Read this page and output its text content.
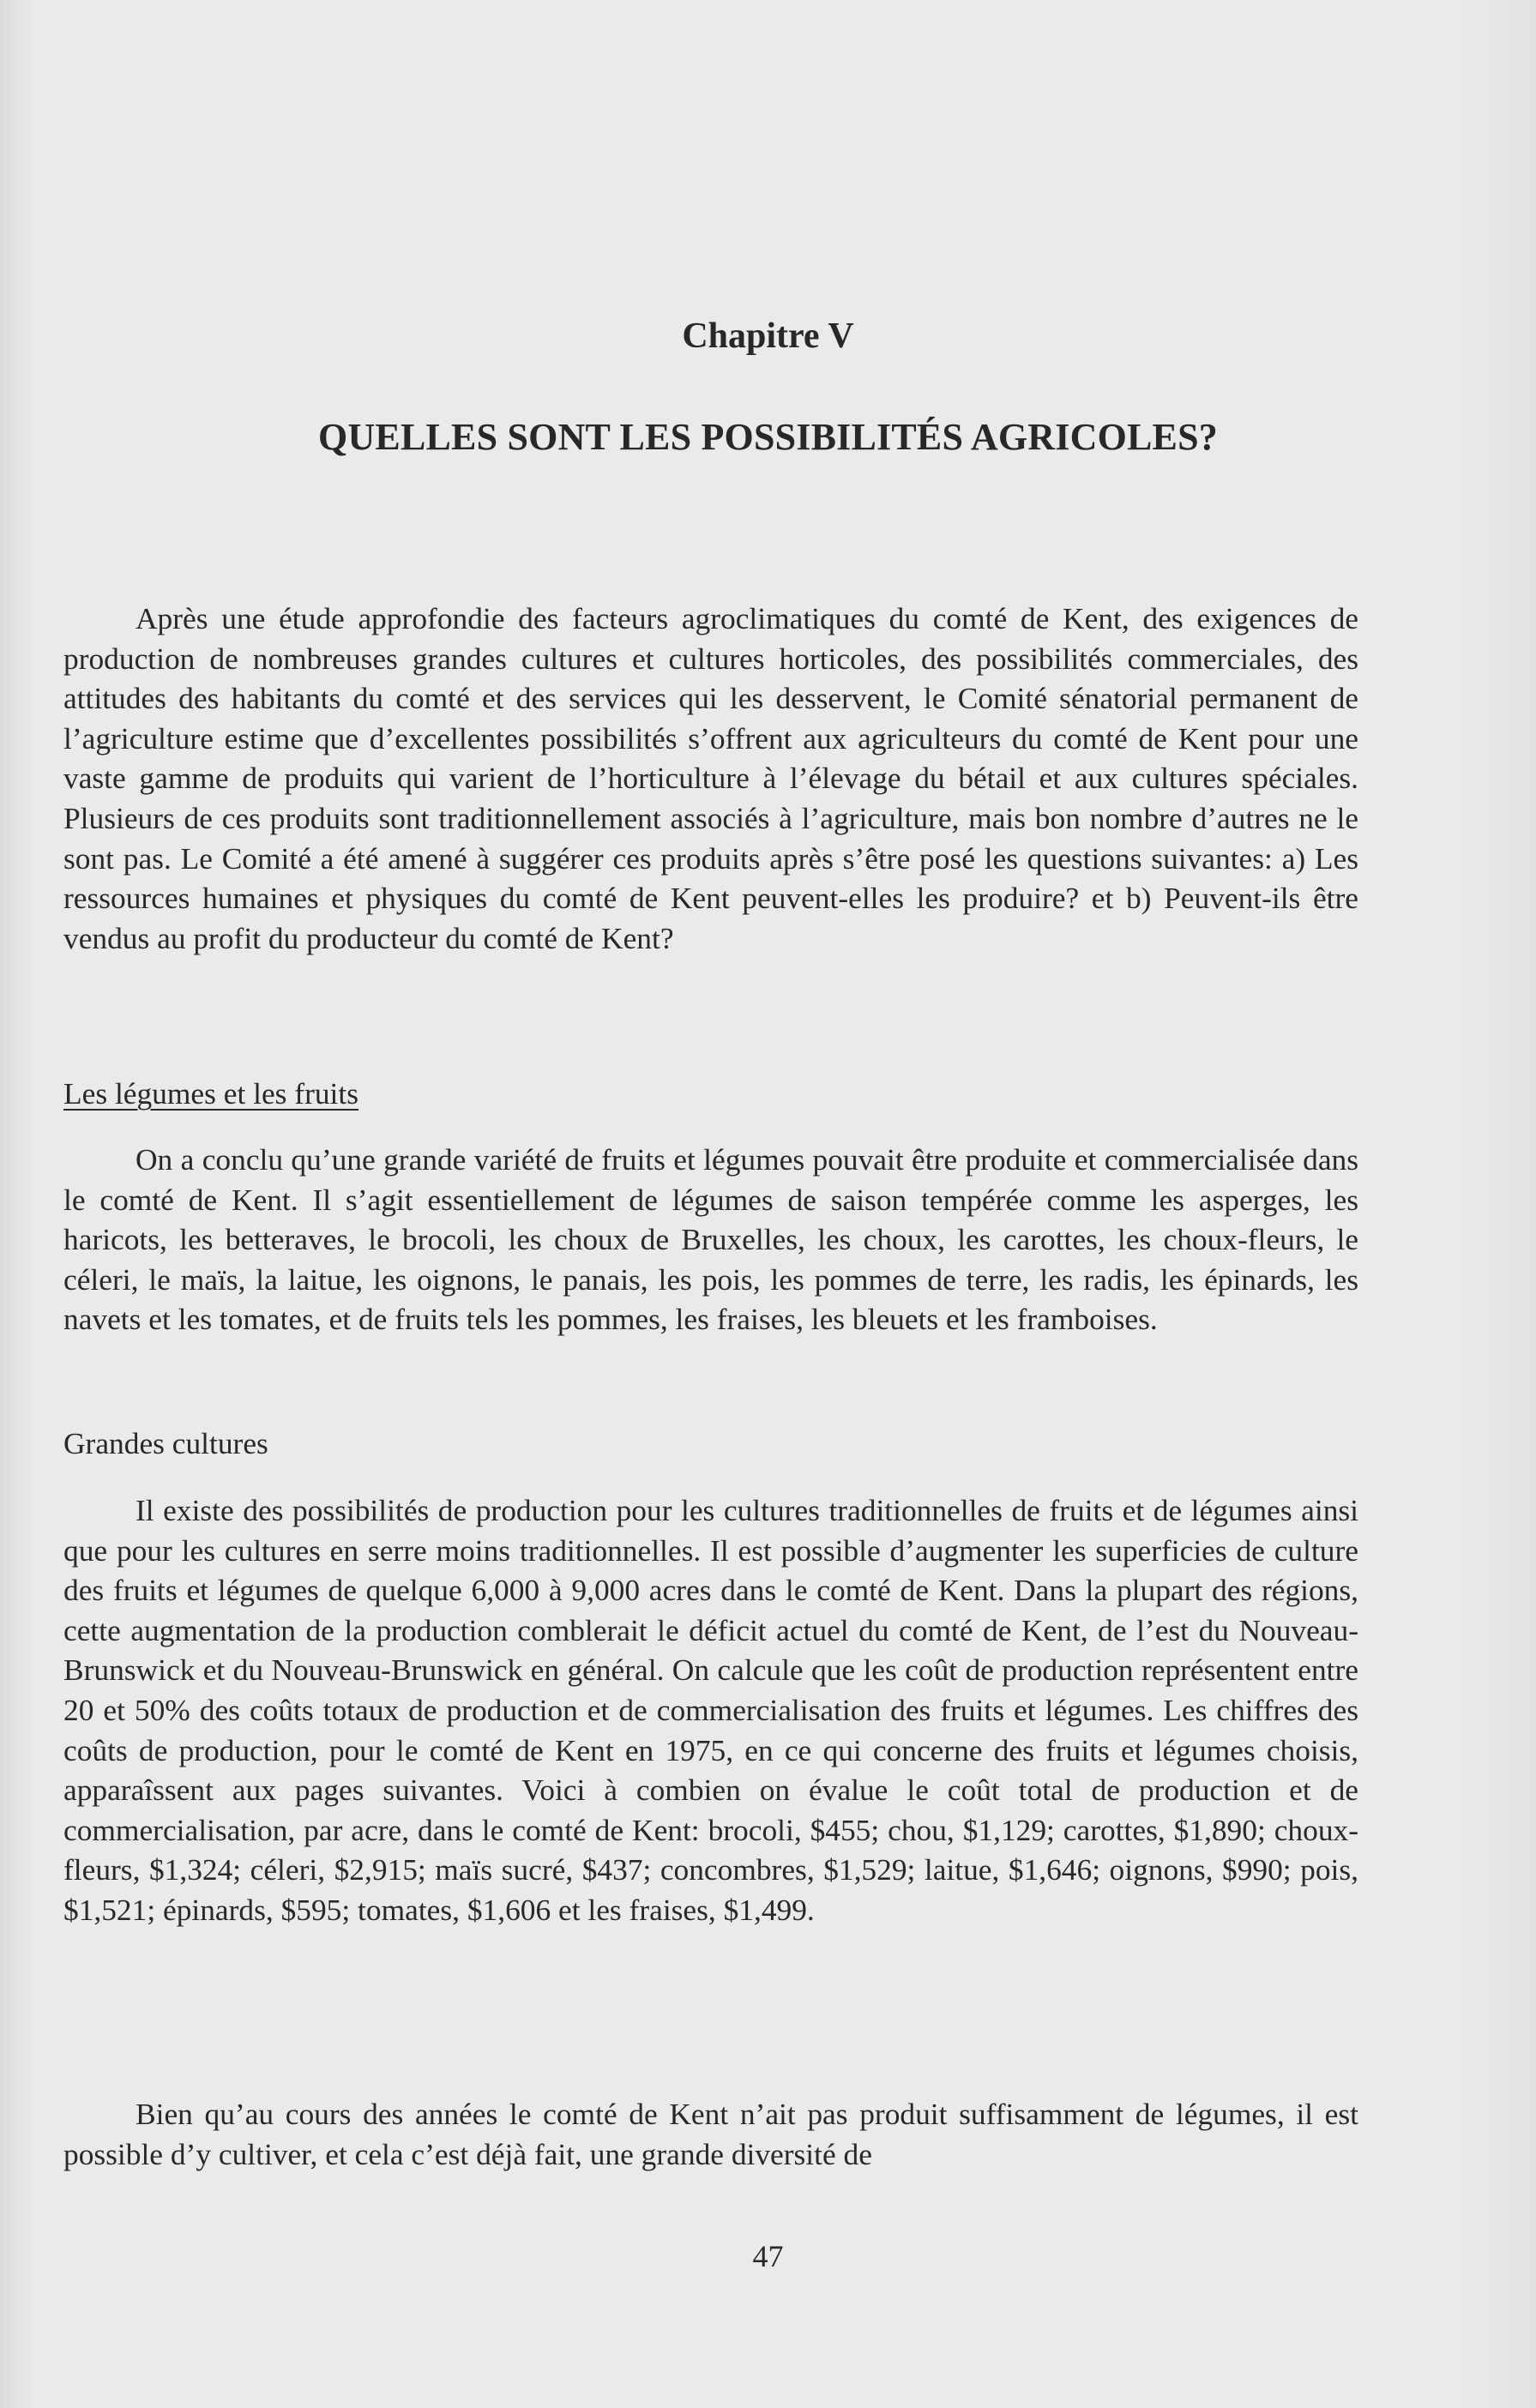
Chapitre V
QUELLES SONT LES POSSIBILITÉS AGRICOLES?

Après une étude approfondie des facteurs agroclimatiques du comté de Kent, des exigences de production de nombreuses grandes cultures et cultures horticoles, des possibilités commerciales, des attitudes des habitants du comté et des services qui les desservent, le Comité sénatorial permanent de l’agriculture estime que d’excellentes possibilités s’offrent aux agriculteurs du comté de Kent pour une vaste gamme de produits qui varient de l’horticulture à l’élevage du bétail et aux cultures spéciales. Plusieurs de ces produits sont traditionnellement associés à l’agriculture, mais bon nombre d’autres ne le sont pas. Le Comité a été amené à suggérer ces produits après s’être posé les questions suivantes: a) Les ressources humaines et physiques du comté de Kent peuvent-elles les produire? et b) Peuvent-ils être vendus au profit du producteur du comté de Kent?

Les légumes et les fruits

On a conclu qu’une grande variété de fruits et légumes pouvait être produite et commercialisée dans le comté de Kent. Il s’agit essentiellement de légumes de saison tempérée comme les asperges, les haricots, les betteraves, le brocoli, les choux de Bruxelles, les choux, les carottes, les choux-fleurs, le céleri, le maïs, la laitue, les oignons, le panais, les pois, les pommes de terre, les radis, les épinards, les navets et les tomates, et de fruits tels les pommes, les fraises, les bleuets et les framboises.

Grandes cultures

Il existe des possibilités de production pour les cultures traditionnelles de fruits et de légumes ainsi que pour les cultures en serre moins traditionnelles. Il est possible d’augmenter les superficies de culture des fruits et légumes de quelque 6,000 à 9,000 acres dans le comté de Kent. Dans la plupart des régions, cette augmentation de la production comblerait le déficit actuel du comté de Kent, de l’est du Nouveau-Brunswick et du Nouveau-Brunswick en général. On calcule que les coût de production représentent entre 20 et 50% des coûts totaux de production et de commercialisation des fruits et légumes. Les chiffres des coûts de production, pour le comté de Kent en 1975, en ce qui concerne des fruits et légumes choisis, apparaîssent aux pages suivantes. Voici à combien on évalue le coût total de production et de commercialisation, par acre, dans le comté de Kent: brocoli, $455; chou, $1,129; carottes, $1,890; choux-fleurs, $1,324; céleri, $2,915; maïs sucré, $437; concombres, $1,529; laitue, $1,646; oignons, $990; pois, $1,521; épinards, $595; tomates, $1,606 et les fraises, $1,499.

Bien qu’au cours des années le comté de Kent n’ait pas produit suffisamment de légumes, il est possible d’y cultiver, et cela c’est déjà fait, une grande diversité de

47
